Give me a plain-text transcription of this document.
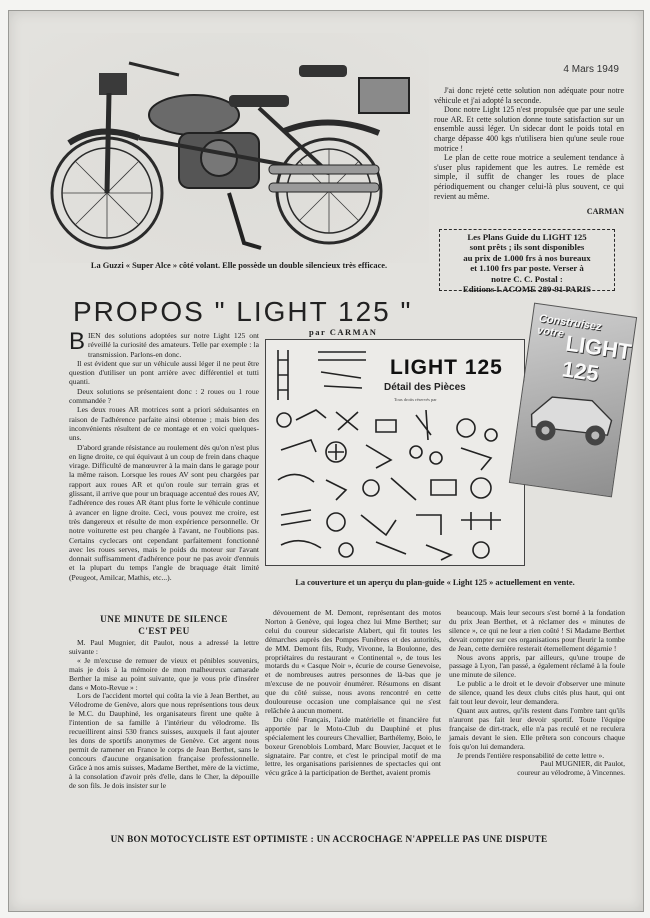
La Guzzi « Super Alce » côté volant. Elle possède un double silencieux très efficace.
4 Mars 1949

J'ai donc rejeté cette solution non adéquate pour notre véhicule et j'ai adopté la seconde.

Donc notre Light 125 n'est propulsée que par une seule roue AR. Et cette solution donne toute satisfaction sur un ensemble aussi léger. Un sidecar dont le poids total en charge dépasse 400 kgs n'utilisera bien qu'une seule roue motrice !

Le plan de cette roue motrice a seulement tendance à s'user plus rapidement que les autres. Le remède est simple, il suffit de changer les roues de place périodiquement ou changer celui-là plus souvent, ce qui revient au même.

CARMAN
Les Plans Guide du LIGHT 125
sont prêts ; ils sont disponibles
au prix de 1.000 frs à nos bureaux
et 1.100 frs par poste. Verser à
notre C. C. Postal :
Editions LACOME 289-91 PARIS
PROPOS " LIGHT 125 "
par CARMAN

BIEN des solutions adoptées sur notre Light 125 ont réveillé la curiosité des amateurs. Telle par exemple : la transmission. Parlons-en donc.

Il est évident que sur un véhicule aussi léger il ne peut être question d'utiliser un pont arrière avec différentiel et tutti quanti.

Deux solutions se présentaient donc : 2 roues ou 1 roue commandée ?

Les deux roues AR motrices sont a priori séduisantes en raison de l'adhérence parfaite ainsi obtenue ; mais bien des inconvénients résultent de ce montage et en voici quelques-uns.

D'abord grande résistance au roulement dès qu'on n'est plus en ligne droite, ce qui équivaut à un coup de frein dans chaque virage. Difficulté de manœuvrer à la main dans le garage pour la même raison. Lorsque les roues AV sont peu chargées par rapport aux roues AR et qu'on roule sur terrain gras et glissant, il arrive que pour un braquage accentué des roues AV, l'adhérence des roues AR étant plus forte le véhicule continue à avancer en ligne droite. Ceci, vous pouvez me croire, est très dangereux et résulte de mon expérience personnelle. Or notre voiturette est peu chargée à l'avant, ne l'oublions pas. Certains cyclecars ont cependant parfaitement fonctionné avec les roues serves, mais le poids du moteur sur l'avant donnait suffisamment d'adhérence pour ne pas avoir d'ennuis et la plupart du temps l'angle de braquage était limité (Peugeot, Amilcar, Mathis, etc...).

LIGHT 125
Détail des Pièces
Tous droits réservés par
Construisez votre LIGHT 125
La couverture et un aperçu du plan-guide « Light 125 » actuellement en vente.
UNE MINUTE DE SILENCE
C'EST PEU

M. Paul Mugnier, dit Paulot, nous a adressé la lettre suivante :

« Je m'excuse de remuer de vieux et pénibles souvenirs, mais je dois à la mémoire de mon malheureux camarade Berther la mise au point suivante, que je vous prie d'insérer dans « Moto-Revue » :

Lors de l'accident mortel qui coûta la vie à Jean Berthet, au Vélodrome de Genève, alors que nous représentions tous deux le M.C. du Dauphiné, les organisateurs firent une quête à l'intention de sa famille à l'intérieur du vélodrome. Ils recueillirent ainsi 530 francs suisses, auxquels il faut ajouter les dons de sportifs anonymes de Genève. Cet argent nous permit de ramener en France le corps de Jean Berthet, sans le concours d'aucune organisation française professionnelle. Grâce à nos amis suisses, Madame Berthet, mère de la victime, à la consolation d'avoir près d'elle, dans le Cher, la dépouille de son fils. Je dois insister sur le

dévouement de M. Demont, représentant des motos Norton à Genève, qui logea chez lui Mme Berthet; sur celui du coureur sidecariste Alabert, qui fit toutes les démarches auprès des Pompes Funèbres et des autorités, de MM. Demont fils, Rudy, Vivonne, la Boulonne, des propriétaires du restaurant « Continental », de tous les motards du « Casque Noir », écurie de course Genevoise, et de nombreuses autres personnes de là-bas que je m'excuse de ne pouvoir énumérer. Résumons en disant que du côté suisse, nous avons rencontré en cette douloureuse occasion une complaisance qui ne s'est relâchée à aucun moment.

Du côté Français, l'aide matérielle et financière fut apportée par le Moto-Club du Dauphiné et plus spécialement les coureurs Chevallier, Barthélemy, Boio, le boxeur Grenoblois Lombard, Marc Bouvier, Jacquet et le signataire. Par contre, et c'est le principal motif de ma lettre, les organisations parisiennes de spectacles qui ont vécu grâce à la participation de Berthet, avaient promis

beaucoup. Mais leur secours s'est borné à la fondation du prix Jean Berthet, et à réclamer des « minutes de silence », ce qui ne leur a rien coûté ! Si Madame Berthet devait compter sur ces organisations pour fleurir la tombe de Jean, cette dernière resterait éternellement dégarnie !

Nous avons appris, par ailleurs, qu'une troupe de passage à Lyon, l'an passé, a également réclamé à la foule une minute de silence.

Le public a le droit et le devoir d'observer une minute de silence, quand les deux clubs cités plus haut, qui ont fait tout leur devoir, leur demandera.

Quant aux autres, qu'ils restent dans l'ombre tant qu'ils n'auront pas fait leur devoir sportif. Toute l'équipe française de dirt-track, elle n'a pas reculé et ne reculera jamais devant le sien. Elle prêtera son concours chaque fois qu'on lui demandera.

Je prends l'entière responsabilité de cette lettre ».

Paul MUGNIER, dit Paulot,

coureur au vélodrome, à Vincennes.

UN BON MOTOCYCLISTE EST OPTIMISTE : UN ACCROCHAGE N'APPELLE PAS UNE DISPUTE
